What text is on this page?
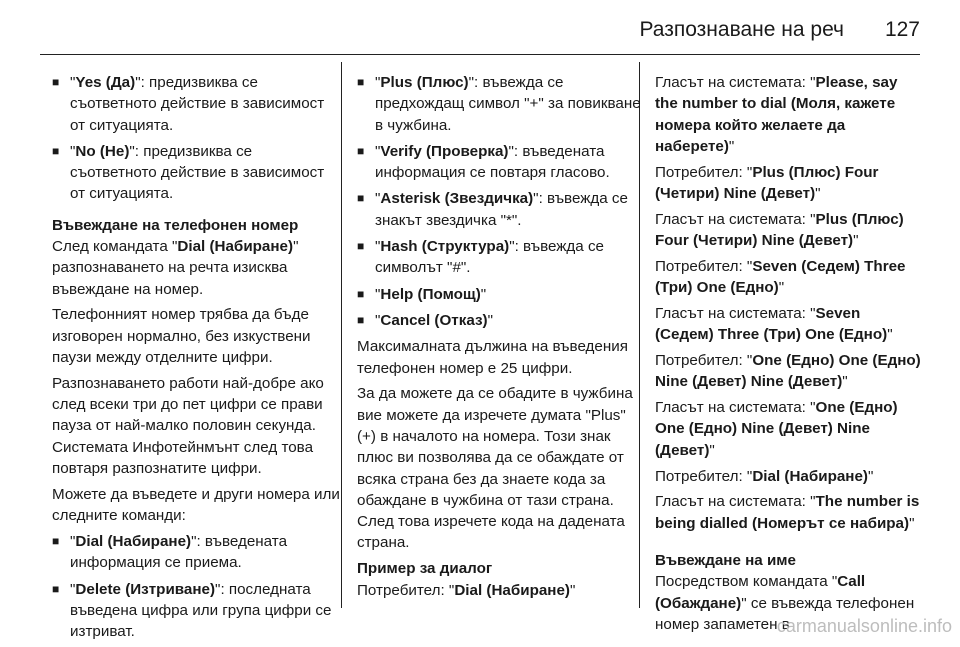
Разпознаване на реч 127
■ "Yes (Да)": предизвиква се съответното действие в зависимост от ситуацията.
■ "No (Не)": предизвиква се съответното действие в зависимост от ситуацията.
Въвеждане на телефонен номер
След командата "Dial (Набиране)" разпознаването на речта изисква въвеждане на номер.
Телефонният номер трябва да бъде изговорен нормално, без изкуствени паузи между отделните цифри.
Разпознаването работи най-добре ако след всеки три до пет цифри се прави пауза от най-малко половин секунда. Системата Инфотейнмънт след това повтаря разпознатите цифри.
Можете да въведете и други номера или следните команди:
■ "Dial (Набиране)": въведената информация се приема.
■ "Delete (Изтриване)": последната въведена цифра или група цифри се изтриват.
■ "Plus (Плюс)": въвежда се предхождащ символ "+" за повикване в чужбина.
■ "Verify (Проверка)": въведената информация се повтаря гласово.
■ "Asterisk (Звездичка)": въвежда се знакът звездичка "*".
■ "Hash (Структура)": въвежда се символът "#".
■ "Help (Помощ)"
■ "Cancel (Отказ)"
Максималната дължина на въведения телефонен номер е 25 цифри.
За да можете да се обадите в чужбина вие можете да изречете думата "Plus" (+) в началото на номера. Този знак плюс ви позволява да се обаждате от всяка страна без да знаете кода за обаждане в чужбина от тази страна. След това изречете кода на дадената страна.
Пример за диалог
Потребител: "Dial (Набиране)"
Гласът на системата: "Please, say the number to dial (Моля, кажете номера който желаете да наберете)"
Потребител: "Plus (Плюс) Four (Четири) Nine (Девет)"
Гласът на системата: "Plus (Плюс) Four (Четири) Nine (Девет)"
Потребител: "Seven (Седем) Three (Три) One (Едно)"
Гласът на системата: "Seven (Седем) Three (Три) One (Едно)"
Потребител: "One (Едно) One (Едно) Nine (Девет) Nine (Девет)"
Гласът на системата: "One (Едно) One (Едно) Nine (Девет) Nine (Девет)"
Потребител: "Dial (Набиране)"
Гласът на системата: "The number is being dialled (Номерът се набира)"
Въвеждане на име
Посредством командата "Call (Обаждане)" се въвежда телефонен номер запаметен в
carmanualsonline.info
